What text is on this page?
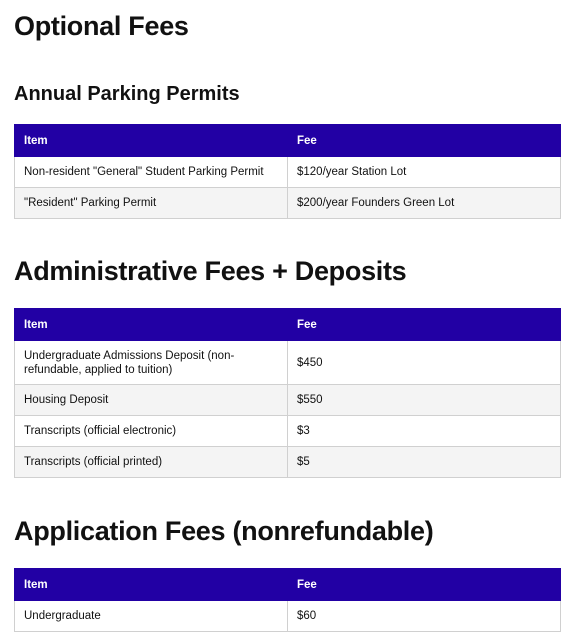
Optional Fees
Annual Parking Permits
Item	Fee
Non-resident "General" Student Parking Permit	$120/year Station Lot
"Resident" Parking Permit	$200/year Founders Green Lot
Administrative Fees + Deposits
Item	Fee
Undergraduate Admissions Deposit (non-refundable, applied to tuition)	$450
Housing Deposit	$550
Transcripts (official electronic)	$3
Transcripts (official printed)	$5
Application Fees (nonrefundable)
Item	Fee
Undergraduate	$60
